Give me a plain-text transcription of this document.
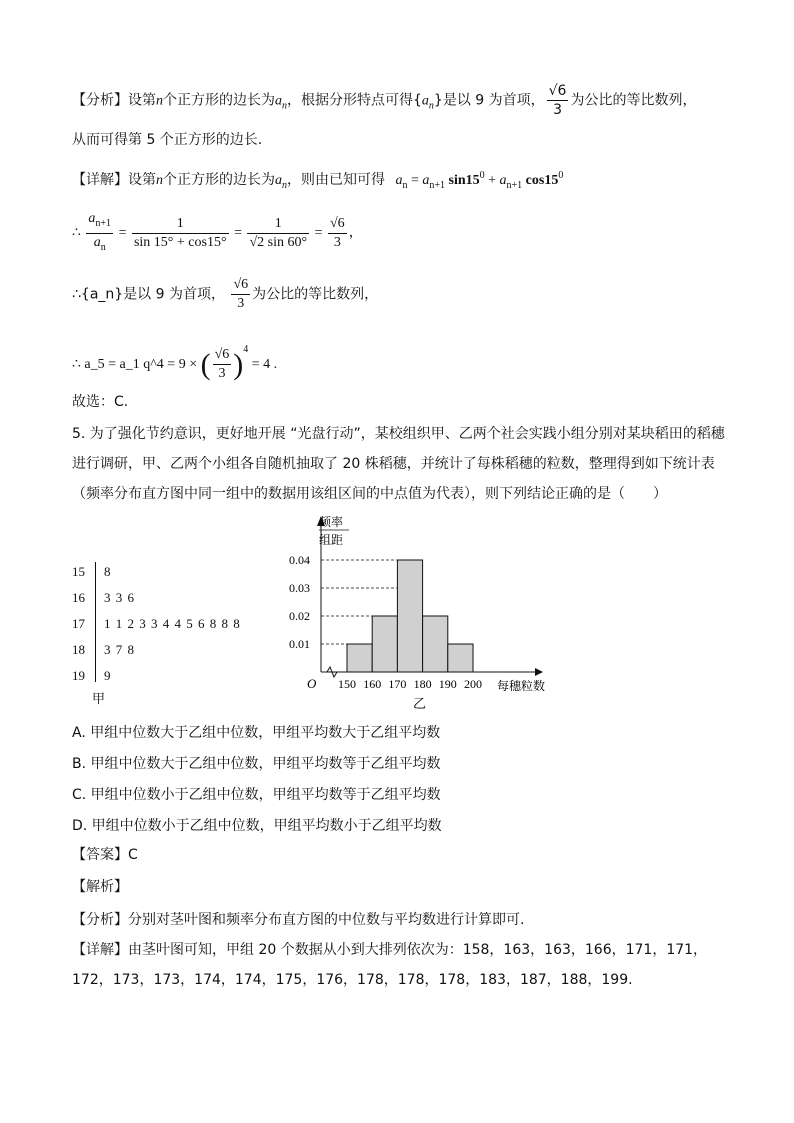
【分析】设第n个正方形的边长为$a_n$，根据分形特点可得$\{a_n\}$是以 9 为首项， $\frac{√6}{3}$ 为公比的等比数列，
从而可得第 5 个正方形的边长.
【详解】设第n个正方形的边长为$a_n$，则由已知可得 $a_n = a_{n+1}$ $\sin 15^0 + a_{n+1}$ $\cos 15^0$
∴ $\frac{a_{n+1}}{a_n} = \frac{1}{\sin 15^\circ + \cos 15^\circ} = \frac{1}{√2 \sin 60^\circ} = \frac{√6}{3}$ ，
∴{a_n}是以 9 为首项， $\frac{√6}{3}$ 为公比的等比数列，
∴ a_5 = a_1 q^4 = 9 × ( $\frac{√6}{3} )^4 = 4$ .
故选：C.
5. 为了强化节约意识，更好地开展 “光盘行动”，某校组织甲、乙两个社会实践小组分别对某块稻田的稻穗
进行调研，甲、乙两个小组各自随机抽取了 20 株稻穗，并统计了每株稻穗的粒数，整理得到如下统计表
（频率分布直方图中同一组中的数据用该组区间的中点值为代表），则下列结论正确的是（　　）
15 8
16 3 3 6
17 1 1 2 3 3 4 4 5 6 8 8 8
18 3 7 8
19 9
甲
频率
组距
O
0.01
0.02
0.03
0.04
150 160 170 180 190 200 每穗粒数
乙
A. 甲组中位数大于乙组中位数，甲组平均数大于乙组平均数
B. 甲组中位数大于乙组中位数，甲组平均数等于乙组平均数
C. 甲组中位数小于乙组中位数，甲组平均数等于乙组平均数
D. 甲组中位数小于乙组中位数，甲组平均数小于乙组平均数
【答案】C
【解析】
【分析】分别对茎叶图和频率分布直方图的中位数与平均数进行计算即可.
【详解】由茎叶图可知，甲组 20 个数据从小到大排列依次为：158，163，163，166，171，171，
172，173，173，174，174，175，176，178，178，178，183，187，188，199.
